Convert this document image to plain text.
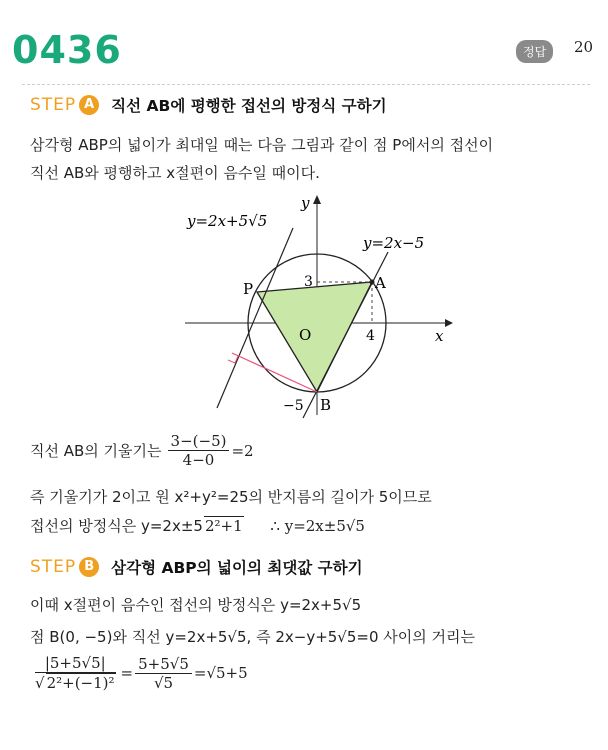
0436	정답	20
STEP A	직선 AB에 평행한 접선의 방정식 구하기
삼각형 ABP의 넓이가 최대일 때는 다음 그림과 같이 점 P에서의 접선이
직선 AB와 평행하고 x절편이 음수일 때이다.
y=2x+5√5
y=2x−5
y
x
P	A
B
O
3
4
−5
직선 AB의 기울기는 $\frac{3-(-5)}{4-0} =2$
즉 기울기가 2이고 원 x²+y²=25의 반지름의 길이가 5이므로
접선의 방정식은 y=2x±5 2²+1 ∴ y=2x±5√5
STEP B	삼각형 ABP의 넓이의 최댓값 구하기
이때 x절편이 음수인 접선의 방정식은 y=2x+5√5
점 B(0, −5)와 직선 y=2x+5√5, 즉 2x−y+5√5=0 사이의 거리는
$\frac{|5+5√5|}{\text{√ 2²+(−1)²}} = \frac{5+5√5}{√5} =√5+5$
